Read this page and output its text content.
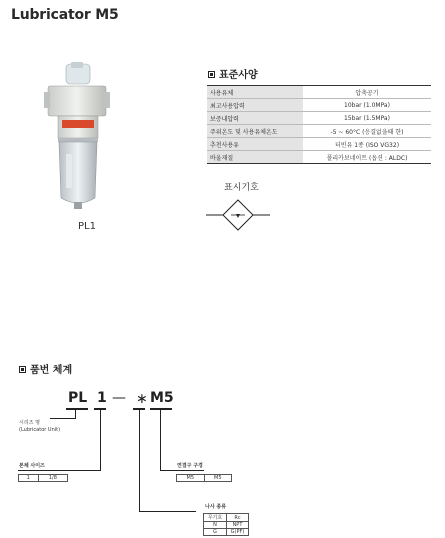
Lubricator M5
PL1
표준사양
사용유체	압축공기
최고사용압력	10bar (1.0MPa)
보증내압력	15bar (1.5MPa)
주위온도 및 사용유체온도	-5 ~ 60°C (응결없을때 한)
추천사용유	터빈유 1종 (ISO VG32)
바울재질	폴리카보네이트 (옵션 : ALDC)
표시기호
품번 체계
PL 1 — ∗ M5
시리즈 명
(Lubricator Unit)
본체 사이즈
1	1/8
연결구 구경
M5	M5
나사 종류
무기호	Rc
N	NPT
G	G(PF)
